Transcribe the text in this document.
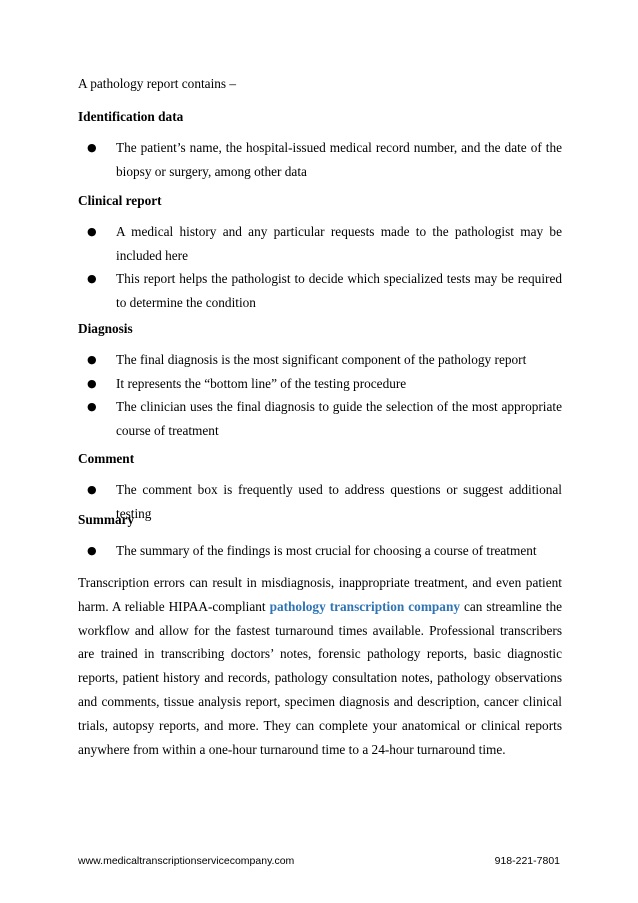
A pathology report contains –

Identification data

● The patient’s name, the hospital-issued medical record number, and the date of the biopsy or surgery, among other data

Clinical report

● A medical history and any particular requests made to the pathologist may be included here
● This report helps the pathologist to decide which specialized tests may be required to determine the condition

Diagnosis

● The final diagnosis is the most significant component of the pathology report
● It represents the “bottom line” of the testing procedure
● The clinician uses the final diagnosis to guide the selection of the most appropriate course of treatment

Comment

● The comment box is frequently used to address questions or suggest additional testing

Summary

● The summary of the findings is most crucial for choosing a course of treatment

Transcription errors can result in misdiagnosis, inappropriate treatment, and even patient harm. A reliable HIPAA-compliant pathology transcription company can streamline the workflow and allow for the fastest turnaround times available. Professional transcribers are trained in transcribing doctors’ notes, forensic pathology reports, basic diagnostic reports, patient history and records, pathology consultation notes, pathology observations and comments, tissue analysis report, specimen diagnosis and description, cancer clinical trials, autopsy reports, and more. They can complete your anatomical or clinical reports anywhere from within a one-hour turnaround time to a 24-hour turnaround time.

www.medicaltranscriptionservicecompany.com	918-221-7801
